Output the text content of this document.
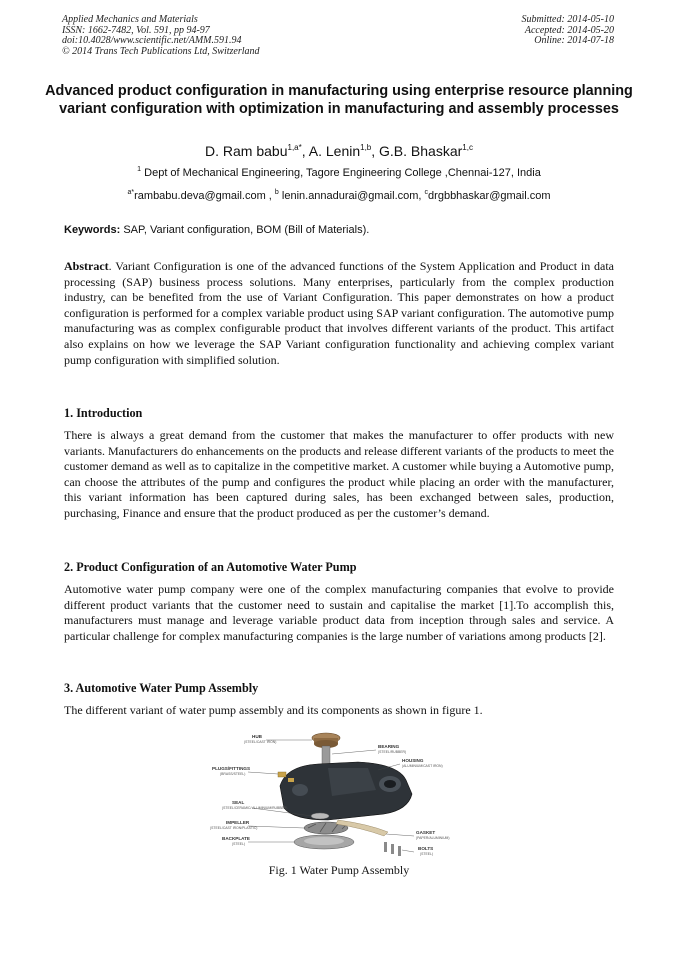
Applied Mechanics and Materials
ISSN: 1662-7482, Vol. 591, pp 94-97
doi:10.4028/www.scientific.net/AMM.591.94
© 2014 Trans Tech Publications Ltd, Switzerland
Submitted: 2014-05-10
Accepted: 2014-05-20
Online: 2014-07-18
Advanced product configuration in manufacturing using enterprise resource planning variant configuration with optimization in manufacturing and assembly processes
D. Ram babu$^{1,a*}$, A. Lenin$^{1,b}$, G.B. Bhaskar$^{1,c}$
$^1$ Dept of Mechanical Engineering, Tagore Engineering College ,Chennai-127, India
$^{a*}$rambabu.deva@gmail.com , $^b$ lenin.annadurai@gmail.com, $^c$drgbbhaskar@gmail.com
Keywords: SAP, Variant configuration, BOM (Bill of Materials).
Abstract. Variant Configuration is one of the advanced functions of the System Application and Product in data processing (SAP) business process solutions. Many enterprises, particularly from the complex production industry, can be benefited from the use of Variant Configuration. This paper demonstrates on how a product configuration is performed for a complex variable product using SAP variant configuration. The automotive pump manufacturing was as complex configurable product that involves different variants of the product. This artifact also explains on how we leverage the SAP Variant configuration functionality and achieving complex variant pump configuration with simplified solution.
1. Introduction
There is always a great demand from the customer that makes the manufacturer to offer products with new variants. Manufacturers do enhancements on the products and release different variants of the products to meet the customer demand as well as to capitalize in the competitive market. A customer while buying a Automotive pump, can choose the attributes of the pump and configures the product while placing an order with the manufacturer, this variant information has been captured during sales, has been exchanged between sales, production, purchasing, Finance and ensure that the product produced as per the customer’s demand.
2. Product Configuration of an Automotive Water Pump
Automotive water pump company were one of the complex manufacturing companies that evolve to provide different product variants that the customer need to sustain and capitalise the market [1].To accomplish this, manufacturers must manage and leverage variable product data from inception through sales and service. A particular challenge for complex manufacturing companies is the large number of variations among products [2].
3. Automotive Water Pump Assembly
The different variant of water pump assembly and its components as shown in figure 1.
HUB
(STEEL/CAST IRON)
BEARING
(STEEL/RUBBER)
HOUSING
(ALUMINIUM/CAST IRON)
PLUGS/FITTINGS
(BRASS/STEEL)
SEAL
(STEEL/CERAMIC/ ALUMINIUM/RUBBER)
IMPELLER
(STEEL/CAST IRON/PLASTIC)
BACKPLATE
(STEEL)
GASKET
(PAPER/ALUMINIUM)
BOLTS
(STEEL)
Fig. 1 Water Pump Assembly
